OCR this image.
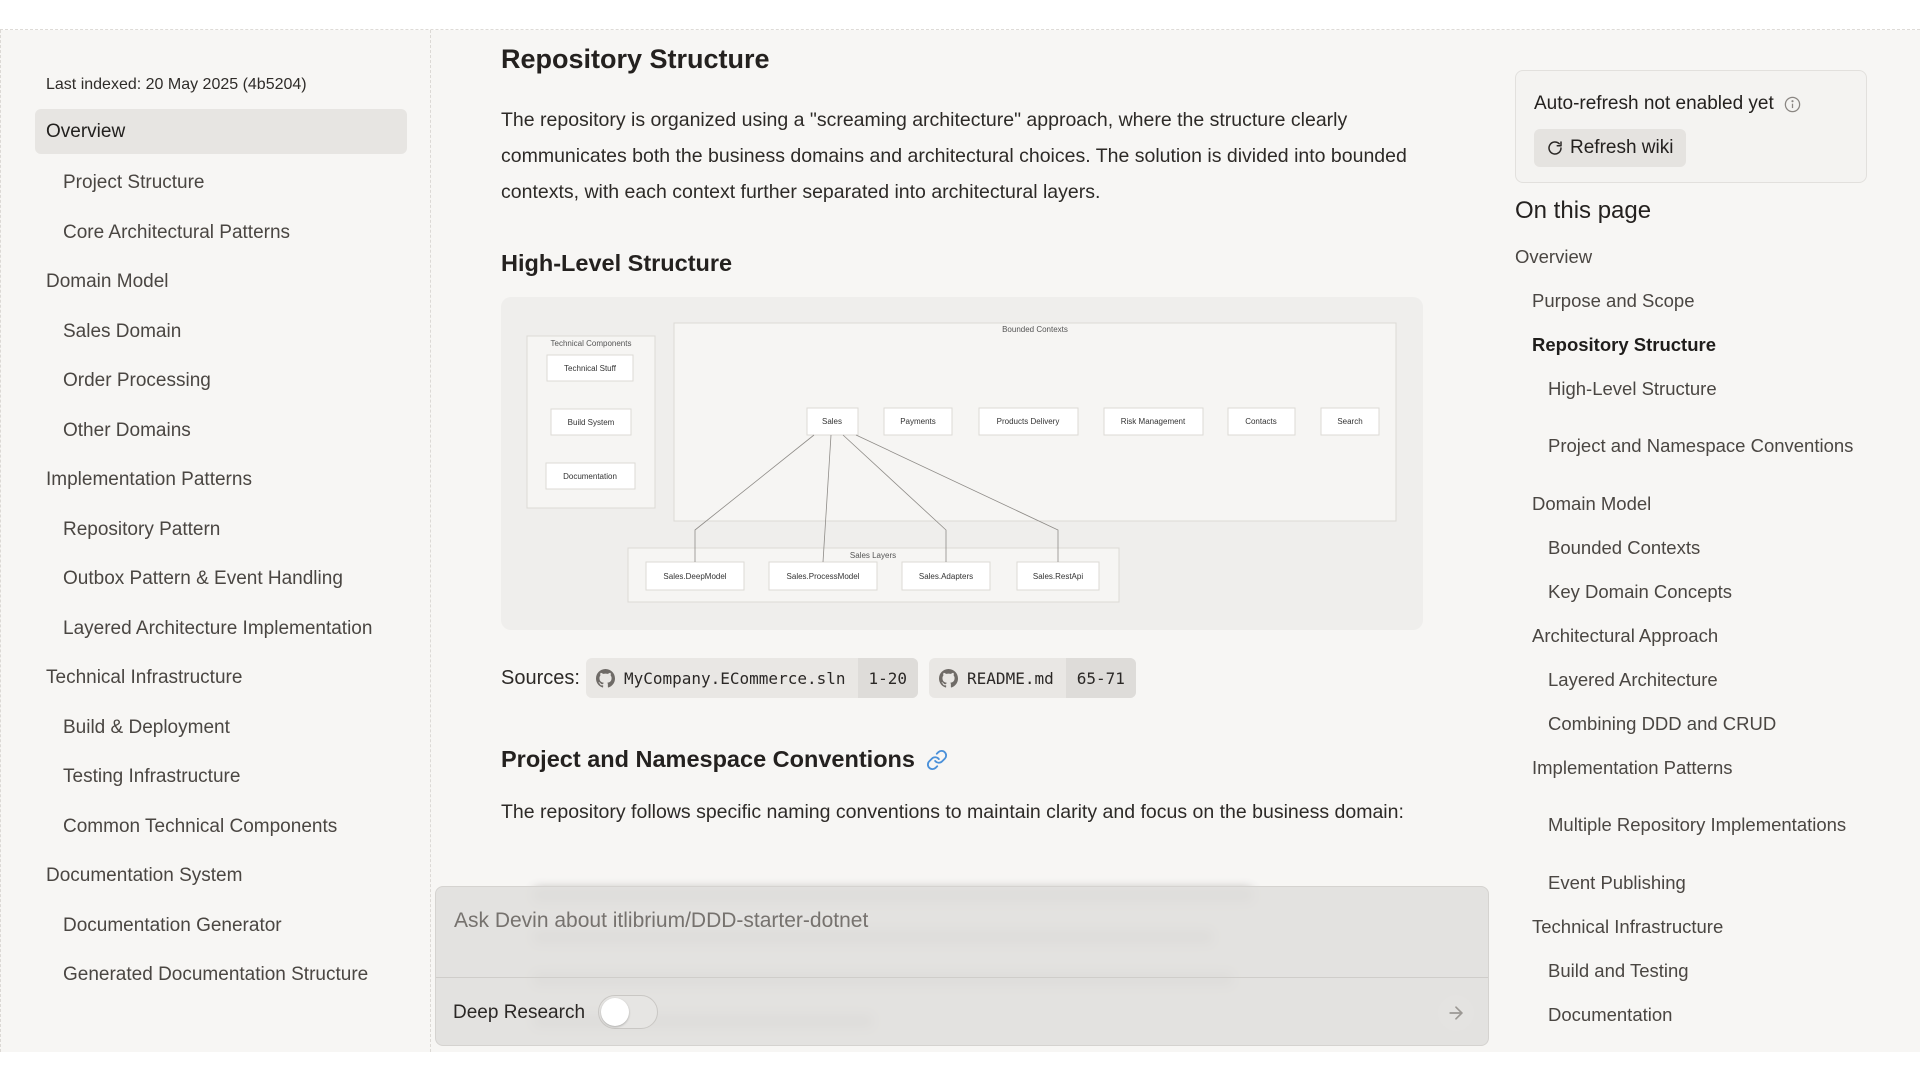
Last indexed: 20 May 2025 (4b5204)
Overview
Project Structure
Core Architectural Patterns
Domain Model
Sales Domain
Order Processing
Other Domains
Implementation Patterns
Repository Pattern
Outbox Pattern & Event Handling
Layered Architecture Implementation
Technical Infrastructure
Build & Deployment
Testing Infrastructure
Common Technical Components
Documentation System
Documentation Generator
Generated Documentation Structure
Repository Structure

The repository is organized using a "screaming architecture" approach, where the structure clearly communicates both the business domains and architectural choices. The solution is divided into bounded contexts, with each context further separated into architectural layers.

High-Level Structure
Technical Components
Technical Stuff
Build System
Documentation
Bounded Contexts
Sales	Payments	Products Delivery	Risk Management	Contacts	Search
Sales Layers
Sales.DeepModel	Sales.ProcessModel	Sales.Adapters	Sales.RestApi
Sources:	MyCompany.ECommerce.sln	1-20	README.md	65-71
Project and Namespace Conventions

The repository follows specific naming conventions to maintain clarity and focus on the business domain:

Ask Devin about itlibrium/DDD-starter-dotnet
Deep Research
Auto-refresh not enabled yet
Refresh wiki
On this page
Overview
Purpose and Scope
Repository Structure
High-Level Structure
Project and Namespace Conventions
Domain Model
Bounded Contexts
Key Domain Concepts
Architectural Approach
Layered Architecture
Combining DDD and CRUD
Implementation Patterns
Multiple Repository Implementations
Event Publishing
Technical Infrastructure
Build and Testing
Documentation
